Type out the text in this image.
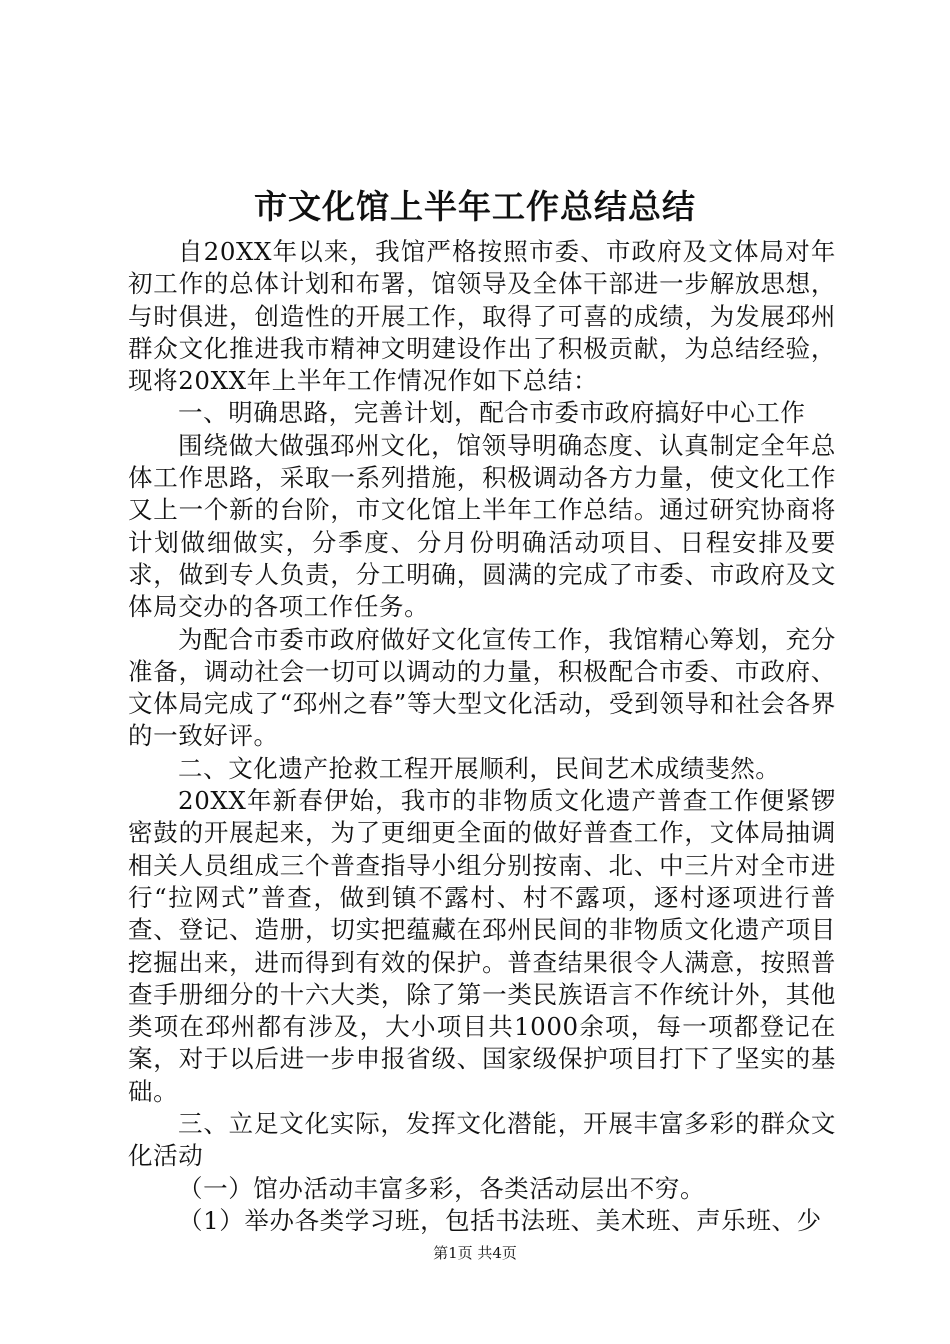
市文化馆上半年工作总结总结

自20XX年以来，我馆严格按照市委、市政府及文体局对年初工作的总体计划和布署，馆领导及全体干部进一步解放思想，与时俱进，创造性的开展工作，取得了可喜的成绩，为发展邳州群众文化推进我市精神文明建设作出了积极贡献，为总结经验，现将20XX年上半年工作情况作如下总结：

一、明确思路，完善计划，配合市委市政府搞好中心工作

围绕做大做强邳州文化，馆领导明确态度、认真制定全年总体工作思路，采取一系列措施，积极调动各方力量，使文化工作又上一个新的台阶，市文化馆上半年工作总结。通过研究协商将计划做细做实，分季度、分月份明确活动项目、日程安排及要求，做到专人负责，分工明确，圆满的完成了市委、市政府及文体局交办的各项工作任务。

为配合市委市政府做好文化宣传工作，我馆精心筹划，充分准备，调动社会一切可以调动的力量，积极配合市委、市政府、文体局完成了“邳州之春”等大型文化活动，受到领导和社会各界的一致好评。

二、文化遗产抢救工程开展顺利，民间艺术成绩斐然。

20XX年新春伊始，我市的非物质文化遗产普查工作便紧锣密鼓的开展起来，为了更细更全面的做好普查工作，文体局抽调相关人员组成三个普查指导小组分别按南、北、中三片对全市进行“拉网式”普查，做到镇不露村、村不露项，逐村逐项进行普查、登记、造册，切实把蕴藏在邳州民间的非物质文化遗产项目挖掘出来，进而得到有效的保护。普查结果很令人满意，按照普查手册细分的十六大类，除了第一类民族语言不作统计外，其他类项在邳州都有涉及，大小项目共1000余项，每一项都登记在案，对于以后进一步申报省级、国家级保护项目打下了坚实的基础。

三、立足文化实际，发挥文化潜能，开展丰富多彩的群众文化活动

（一）馆办活动丰富多彩，各类活动层出不穷。

（1）举办各类学习班，包括书法班、美术班、声乐班、少

第1页 共4页
